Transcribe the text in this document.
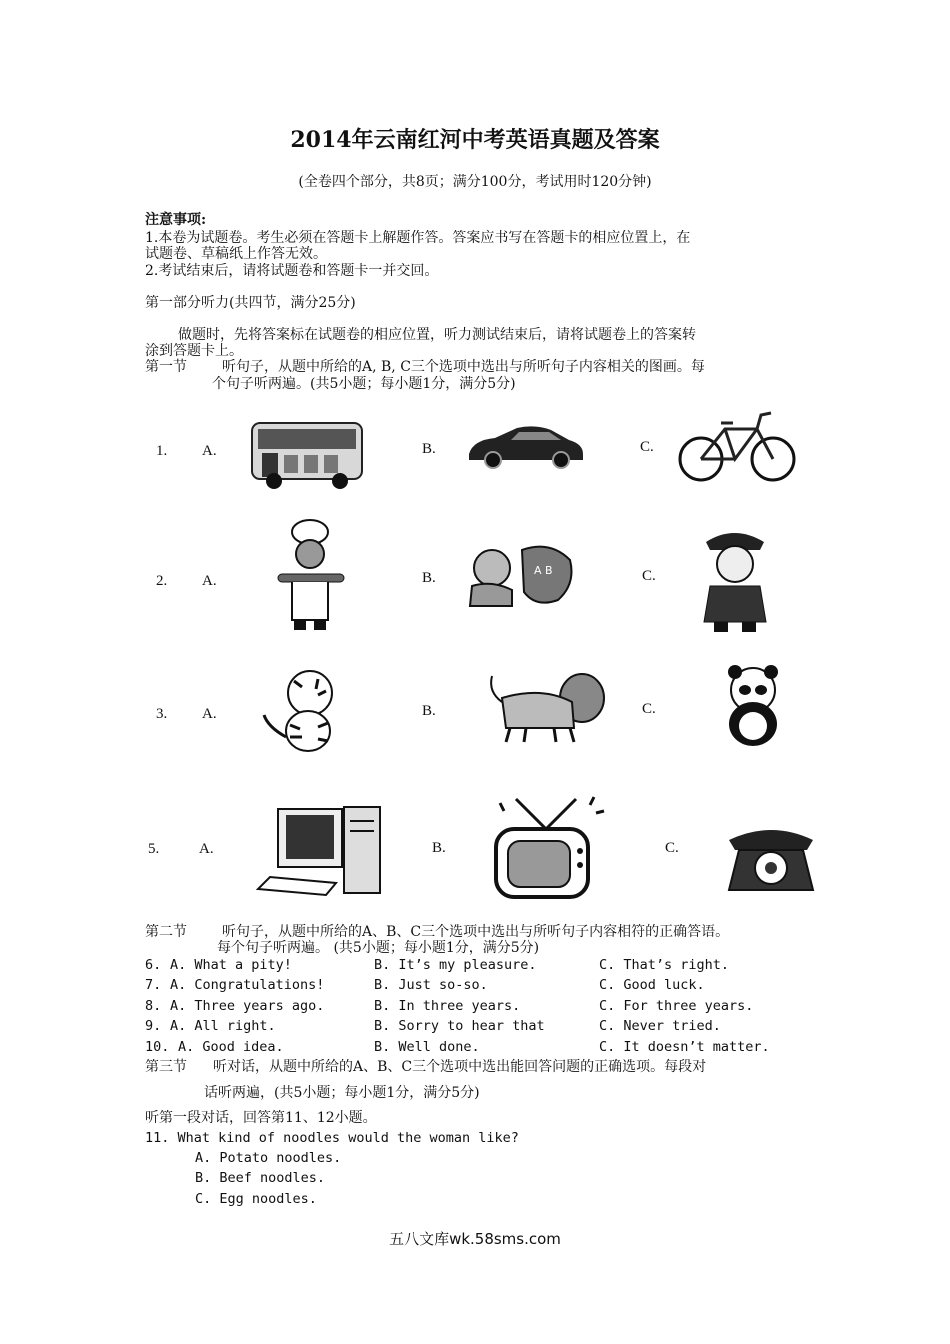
2014年云南红河中考英语真题及答案
(全卷四个部分，共8页；满分100分，考试用时120分钟)
注意事项:
1.本卷为试题卷。考生必须在答题卡上解题作答。答案应书写在答题卡的相应位置上，在
试题卷、草稿纸上作答无效。
2.考试结束后，请将试题卷和答题卡一并交回。
第一部分听力(共四节，满分25分)
做题时，先将答案标在试题卷的相应位置，听力测试结束后，请将试题卷上的答案转
涂到答题卡上。
第一节	听句子，从题中所给的A, B, C三个选项中选出与所听句子内容相关的图画。每
个句子听两遍。(共5小题；每小题1分，满分5分)
1. A.	B.	C.
2. A.	B.	C.
A B
3. A.	B.	C.
5.	A.	B.	C.
第二节	听句子，从题中所给的A、B、C三个选项中选出与所听句子内容相符的正确答语。
每个句子听两遍。 (共5小题；每小题1分，满分5分)
6. A. What a pity!	B. It’s my pleasure.	C. That’s right.
7. A. Congratulations!	B. Just so-so.	C. Good luck.
8. A. Three years ago.	B. In three years.	C. For three years.
9. A. All right.	B. Sorry to hear that	C. Never tried.
10. A. Good idea.	B. Well done.	C. It doesn’t matter.
第三节 听对话，从题中所给的A、B、C三个选项中选出能回答问题的正确选项。每段对
话听两遍，(共5小题；每小题1分，满分5分)
听第一段对话，回答第11、12小题。
11. What kind of noodles would the woman like?
A. Potato noodles.
B. Beef noodles.
C. Egg noodles.
五八文库wk.58sms.com
